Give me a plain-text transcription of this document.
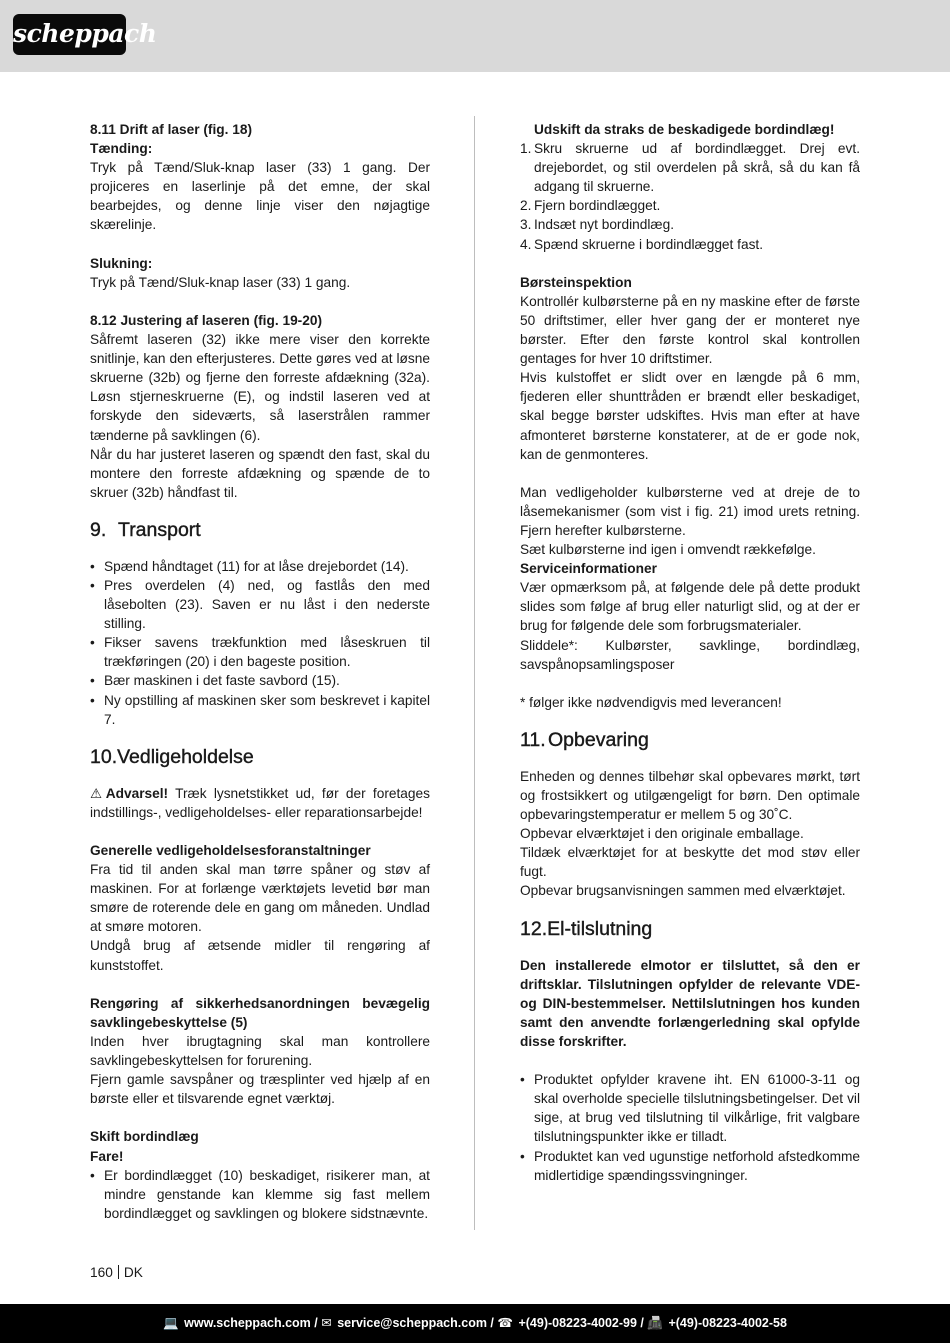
scheppach

8.11 Drift af laser (fig. 18)

Tænding:

Tryk på Tænd/Sluk-knap laser (33) 1 gang. Der projiceres en laserlinje på det emne, der skal bearbejdes, og denne linje viser den nøjagtige skærelinje.

Slukning:

Tryk på Tænd/Sluk-knap laser (33) 1 gang.

8.12 Justering af laseren (fig. 19-20)

Såfremt laseren (32) ikke mere viser den korrekte snitlinje, kan den efterjusteres. Dette gøres ved at løsne skruerne (32b) og fjerne den forreste afdækning (32a). Løsn stjerneskruerne (E), og indstil laseren ved at forskyde den sideværts, så laserstrålen rammer tænderne på savklingen (6).

Når du har justeret laseren og spændt den fast, skal du montere den forreste afdækning og spænde de to skruer (32b) håndfast til.

9. Transport
• Spænd håndtaget (11) for at låse drejebordet (14).
• Pres overdelen (4) ned, og fastlås den med låsebolten (23). Saven er nu låst i den nederste stilling.
• Fikser savens trækfunktion med låseskruen til trækføringen (20) i den bageste position.
• Bær maskinen i det faste savbord (15).
• Ny opstilling af maskinen sker som beskrevet i kapitel 7.
10.Vedligeholdelse

⚠Advarsel! Træk lysnetstikket ud, før der foretages indstillings-, vedligeholdelses- eller reparationsarbejde!

Generelle vedligeholdelsesforanstaltninger

Fra tid til anden skal man tørre spåner og støv af maskinen. For at forlænge værktøjets levetid bør man smøre de roterende dele en gang om måneden. Undlad at smøre motoren.

Undgå brug af ætsende midler til rengøring af kunststoffet.

Rengøring af sikkerhedsanordningen bevægelig savklingebeskyttelse (5)

Inden hver ibrugtagning skal man kontrollere savklingebeskyttelsen for forurening.

Fjern gamle savspåner og træsplinter ved hjælp af en børste eller et tilsvarende egnet værktøj.

Skift bordindlæg

Fare!

• Er bordindlægget (10) beskadiget, risikerer man, at mindre genstande kan klemme sig fast mellem bordindlægget og savklingen og blokere sidstnævnte.

Udskift da straks de beskadigede bordindlæg!

1. Skru skruerne ud af bordindlægget. Drej evt. drejebordet, og stil overdelen på skrå, så du kan få adgang til skruerne.
2. Fjern bordindlægget.
3. Indsæt nyt bordindlæg.
4. Spænd skruerne i bordindlægget fast.

Børsteinspektion

Kontrollér kulbørsterne på en ny maskine efter de første 50 driftstimer, eller hver gang der er monteret nye børster. Efter den første kontrol skal kontrollen gentages for hver 10 driftstimer.

Hvis kulstoffet er slidt over en længde på 6 mm, fjederen eller shunttråden er brændt eller beskadiget, skal begge børster udskiftes. Hvis man efter at have afmonteret børsterne konstaterer, at de er gode nok, kan de genmonteres.

Man vedligeholder kulbørsterne ved at dreje de to låsemekanismer (som vist i fig. 21) imod urets retning. Fjern herefter kulbørsterne.

Sæt kulbørsterne ind igen i omvendt rækkefølge.

Serviceinformationer

Vær opmærksom på, at følgende dele på dette produkt slides som følge af brug eller naturligt slid, og at der er brug for følgende dele som forbrugsmaterialer.

Sliddele*: Kulbørster, savklinge, bordindlæg, savspånopsamlingsposer

* følger ikke nødvendigvis med leverancen!

11. Opbevaring

Enheden og dennes tilbehør skal opbevares mørkt, tørt og frostsikkert og utilgængeligt for børn. Den optimale opbevaringstemperatur er mellem 5 og 30˚C.

Opbevar elværktøjet i den originale emballage.

Tildæk elværktøjet for at beskytte det mod støv eller fugt.

Opbevar brugsanvisningen sammen med elværktøjet.

12.El-tilslutning

Den installerede elmotor er tilsluttet, så den er driftsklar. Tilslutningen opfylder de relevante VDE- og DIN-bestemmelser. Nettilslutningen hos kunden samt den anvendte forlængerledning skal opfylde disse forskrifter.

• Produktet opfylder kravene iht. EN 61000-3-11 og skal overholde specielle tilslutningsbetingelser. Det vil sige, at brug ved tilslutning til vilkårlige, frit valgbare tilslutningspunkter ikke er tilladt.
• Produktet kan ved ugunstige netforhold afstedkomme midlertidige spændingssvingninger.
160 DK
💻 www.scheppach.com / ✉ service@scheppach.com / ☎ +(49)-08223-4002-99 / 📠 +(49)-08223-4002-58
